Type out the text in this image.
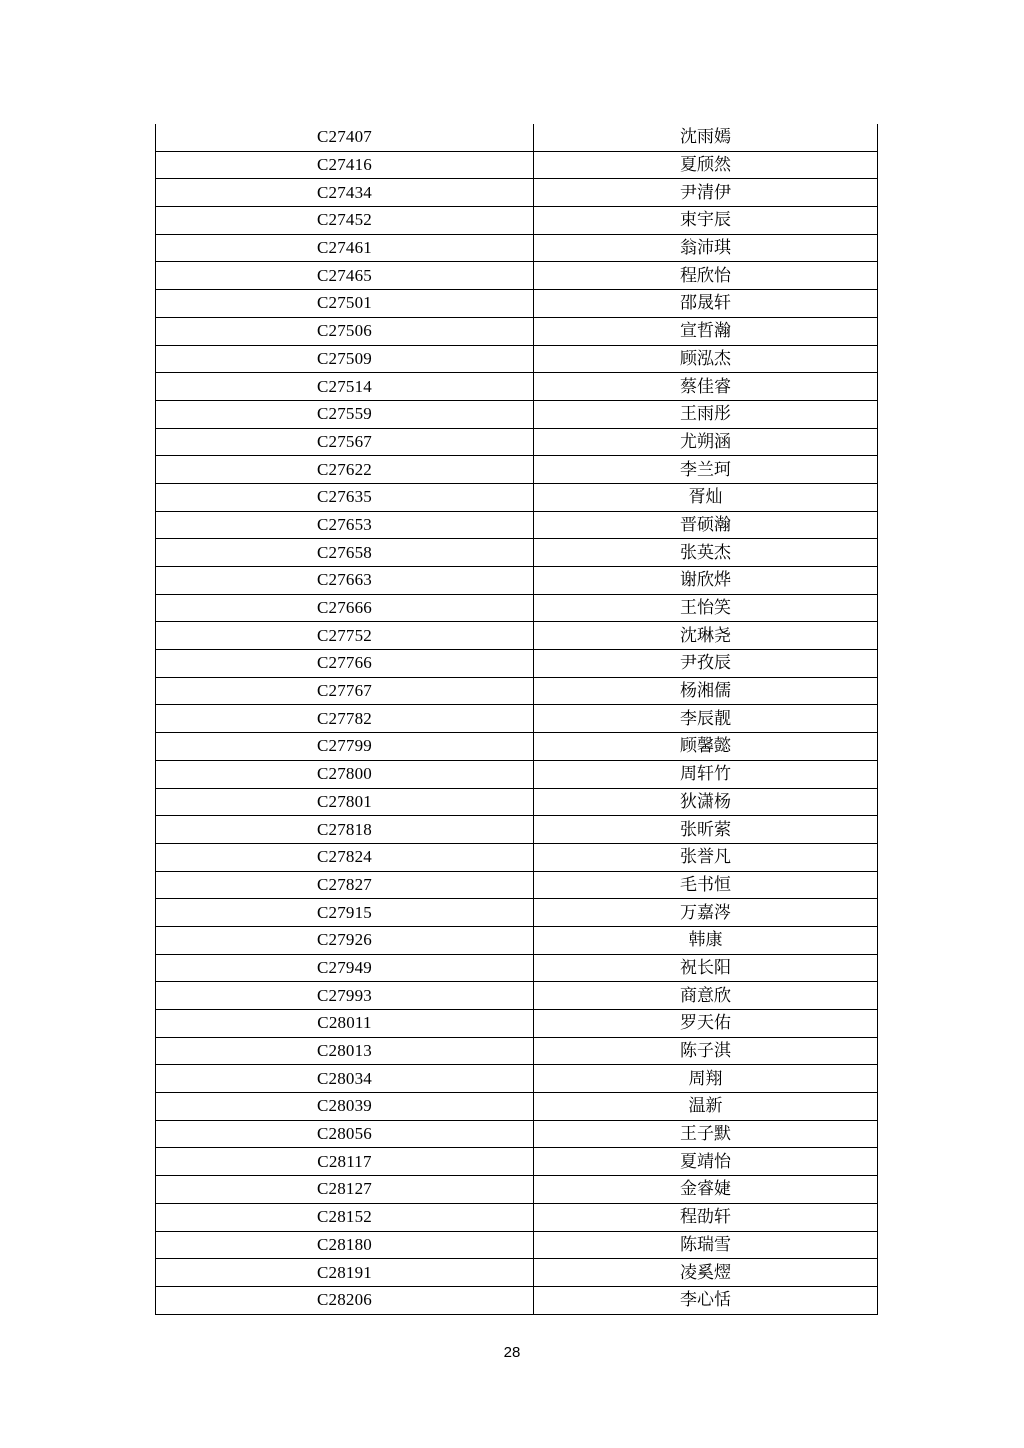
C27407	沈雨嫣
C27416	夏颀然
C27434	尹清伊
C27452	束宇辰
C27461	翁沛琪
C27465	程欣怡
C27501	邵晟轩
C27506	宣哲瀚
C27509	顾泓杰
C27514	蔡佳睿
C27559	王雨彤
C27567	尤朔涵
C27622	李兰珂
C27635	胥灿
C27653	晋硕瀚
C27658	张英杰
C27663	谢欣烨
C27666	王怡笑
C27752	沈琳尧
C27766	尹孜辰
C27767	杨湘儒
C27782	李辰靓
C27799	顾馨懿
C27800	周轩竹
C27801	狄潇杨
C27818	张昕萦
C27824	张誉凡
C27827	毛书恒
C27915	万嘉涔
C27926	韩康
C27949	祝长阳
C27993	商意欣
C28011	罗天佑
C28013	陈子淇
C28034	周翔
C28039	温新
C28056	王子默
C28117	夏靖怡
C28127	金睿婕
C28152	程劭轩
C28180	陈瑞雪
C28191	凌奚熤
C28206	李心恬
28
